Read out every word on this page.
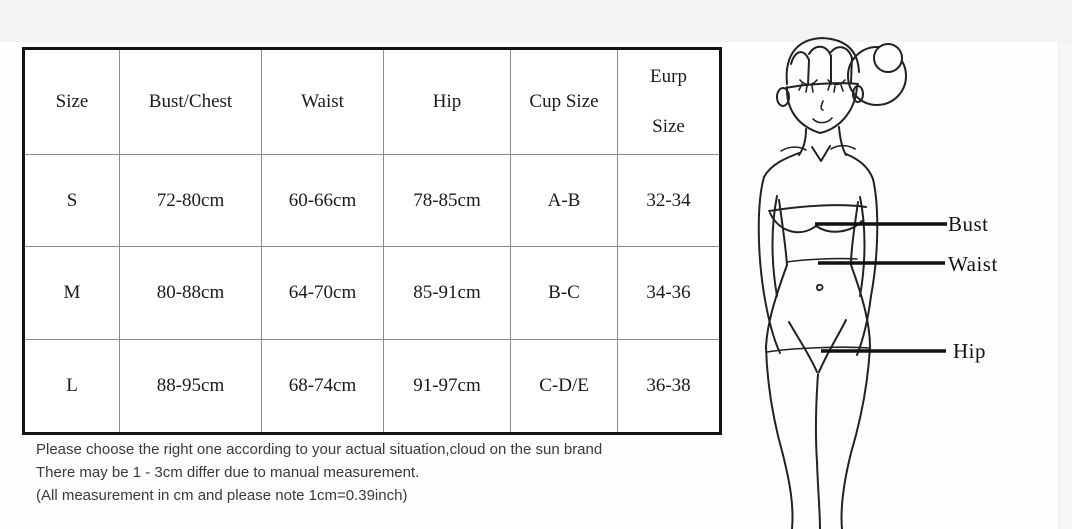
Size	Bust/Chest	Waist	Hip	Cup Size	Eurp
Size

S	72-80cm	60-66cm	78-85cm	A-B	32-34
M	80-88cm	64-70cm	85-91cm	B-C	34-36
L	88-95cm	68-74cm	91-97cm	C-D/E	36-38

Please choose the right one according to your actual situation,cloud on the sun brand

There may be 1 - 3cm differ due to manual measurement.

(All measurement in cm and please note 1cm=0.39inch)

Bust
Waist
Hip
